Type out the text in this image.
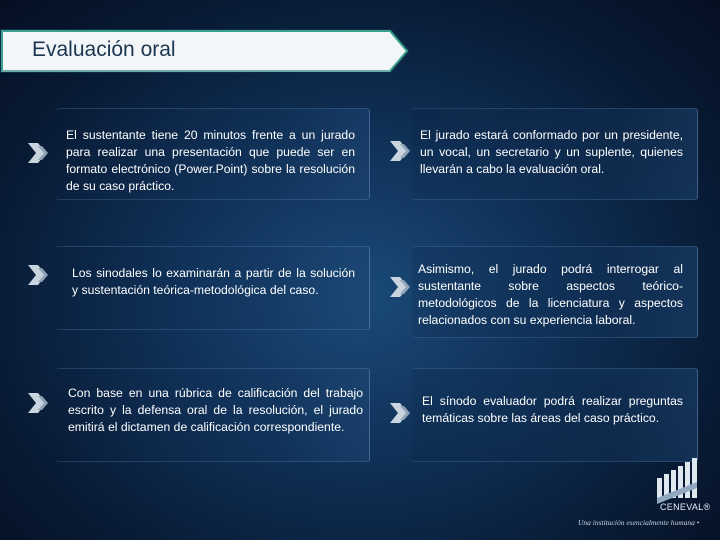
Evaluación oral

El sustentante tiene 20 minutos frente a un jurado para realizar una presentación que puede ser en formato electrónico (Power.Point) sobre la resolución de su caso práctico.

Los sinodales lo examinarán a partir de la solución y sustentación teórica-metodológica del caso.

Con base en una rúbrica de calificación del trabajo escrito y la defensa oral de la resolución, el jurado emitirá el dictamen de calificación correspondiente.

El jurado estará conformado por un presidente, un vocal, un secretario y un suplente, quienes llevarán a cabo la evaluación oral.

Asimismo, el jurado podrá interrogar al sustentante sobre aspectos teórico-metodológicos de la licenciatura y aspectos relacionados con su experiencia laboral.

El sínodo evaluador podrá realizar preguntas temáticas sobre las áreas del caso práctico.

CENEVAL®
Una institución esencialmente humana •
